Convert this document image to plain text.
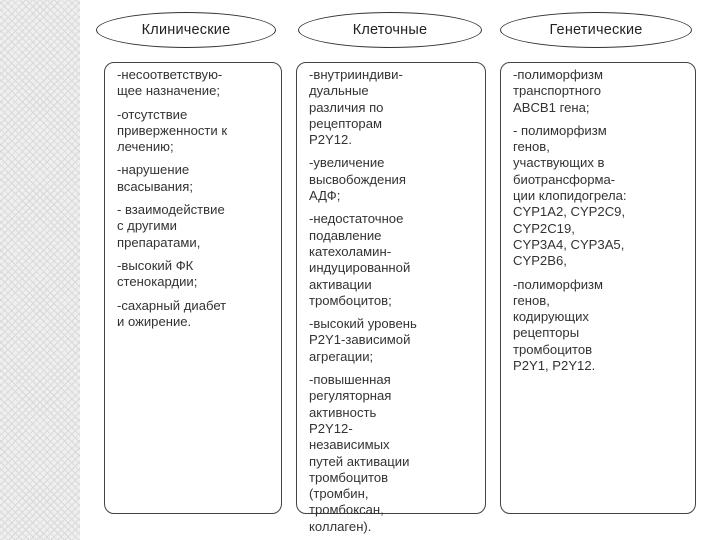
Клинические	Клеточные	Генетические
-несоответствую-
щее назначение;
-отсутствие
приверженности к
лечению;
-нарушение
всасывания;
- взаимодействие
с другими
препаратами,
-высокий ФК
стенокардии;
-сахарный диабет
и ожирение.
-внутрииндиви-
дуальные
различия по
рецепторам
P2Y12.
-увеличение
высвобождения
АДФ;
-недостаточное
подавление
катехоламин-
индуцированной
активации
тромбоцитов;
-высокий уровень
P2Y1-зависимой
агрегации;
-повышенная
регуляторная
активность
P2Y12-
независимых
путей активации
тромбоцитов
(тромбин,
тромбоксан,
коллаген).
-полиморфизм
транспортного
ABCB1 гена;
- полиморфизм
генов,
участвующих в
биотрансформа-
ции клопидогрела:
CYP1A2, CYP2C9,
CYP2C19,
CYP3A4, CYP3A5,
CYP2B6,
-полиморфизм
генов,
кодирующих
рецепторы
тромбоцитов
P2Y1, P2Y12.
